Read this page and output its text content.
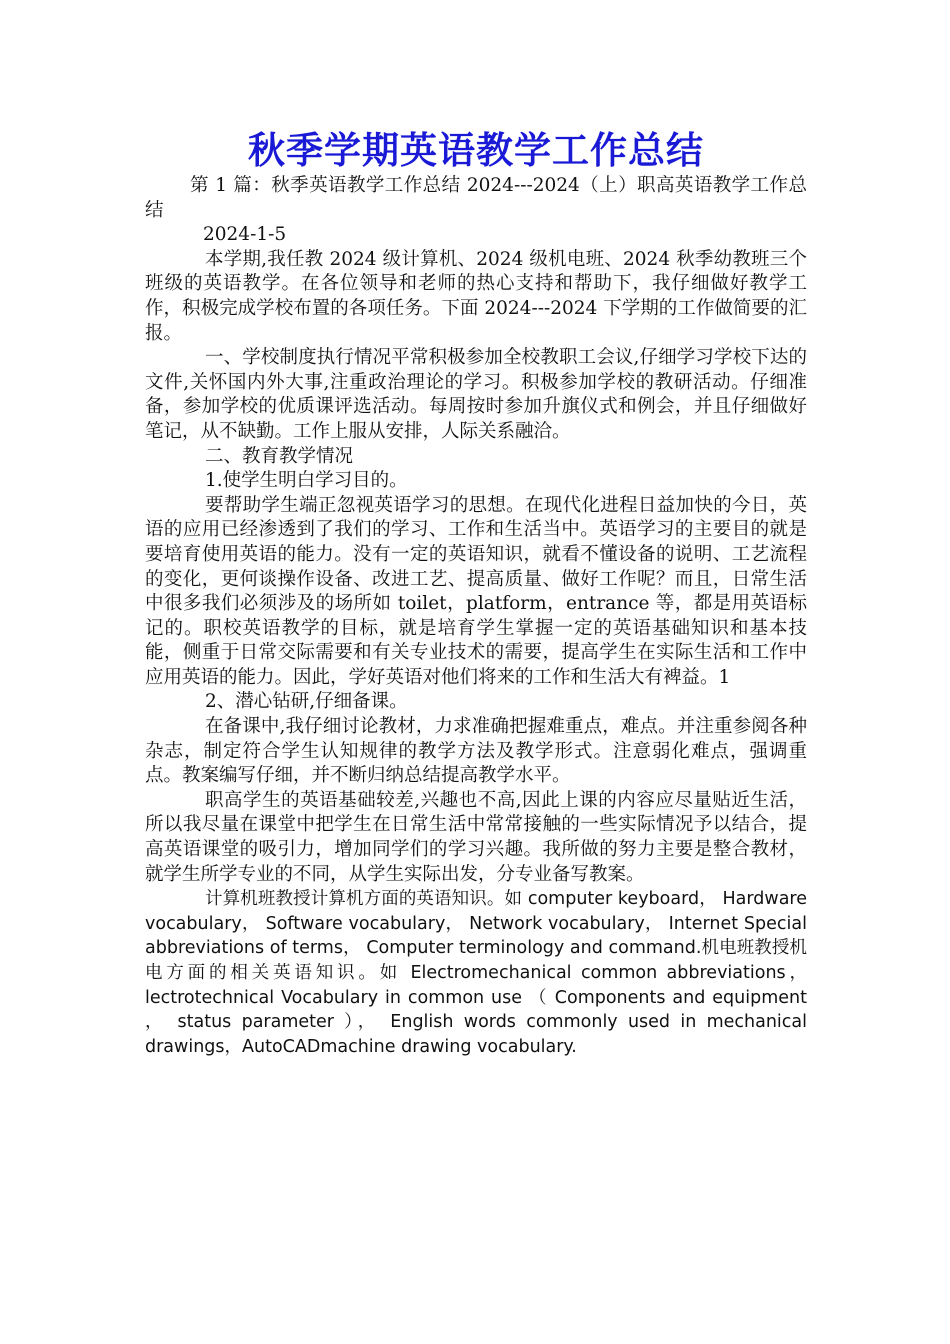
秋季学期英语教学工作总结

第 1 篇：秋季英语教学工作总结 2024---2024（上）职高英语教学工作总结

2024-1-5

本学期,我任教 2024 级计算机、2024 级机电班、2024 秋季幼教班三个班级的英语教学。在各位领导和老师的热心支持和帮助下，我仔细做好教学工作，积极完成学校布置的各项任务。下面 2024---2024 下学期的工作做简要的汇报。

一、学校制度执行情况平常积极参加全校教职工会议,仔细学习学校下达的文件,关怀国内外大事,注重政治理论的学习。积极参加学校的教研活动。仔细准备，参加学校的优质课评选活动。每周按时参加升旗仪式和例会，并且仔细做好笔记，从不缺勤。工作上服从安排，人际关系融洽。

二、教育教学情况

1.使学生明白学习目的。

要帮助学生端正忽视英语学习的思想。在现代化进程日益加快的今日，英语的应用已经渗透到了我们的学习、工作和生活当中。英语学习的主要目的就是要培育使用英语的能力。没有一定的英语知识，就看不懂设备的说明、工艺流程的变化，更何谈操作设备、改进工艺、提高质量、做好工作呢？而且，日常生活中很多我们必须涉及的场所如 toilet，platform，entrance 等，都是用英语标记的。职校英语教学的目标，就是培育学生掌握一定的英语基础知识和基本技能，侧重于日常交际需要和有关专业技术的需要，提高学生在实际生活和工作中应用英语的能力。因此，学好英语对他们将来的工作和生活大有裨益。1

2、潜心钻研,仔细备课。

在备课中,我仔细讨论教材，力求准确把握难重点，难点。并注重参阅各种杂志，制定符合学生认知规律的教学方法及教学形式。注意弱化难点，强调重点。教案编写仔细，并不断归纳总结提高教学水平。

职高学生的英语基础较差,兴趣也不高,因此上课的内容应尽量贴近生活，所以我尽量在课堂中把学生在日常生活中常常接触的一些实际情况予以结合，提高英语课堂的吸引力，增加同学们的学习兴趣。我所做的努力主要是整合教材，就学生所学专业的不同，从学生实际出发，分专业备写教案。

计算机班教授计算机方面的英语知识。如 computer keyboard， Hardware vocabulary， Software vocabulary， Network vocabulary， Internet Special abbreviations of terms， Computer terminology and command.机电班教授机电方面的相关英语知识。如 Electromechanical common abbreviations， lectrotechnical Vocabulary in common use （ Components and equipment ， status parameter ）， English words commonly used in mechanical drawings，AutoCADmachine drawing vocabulary.
